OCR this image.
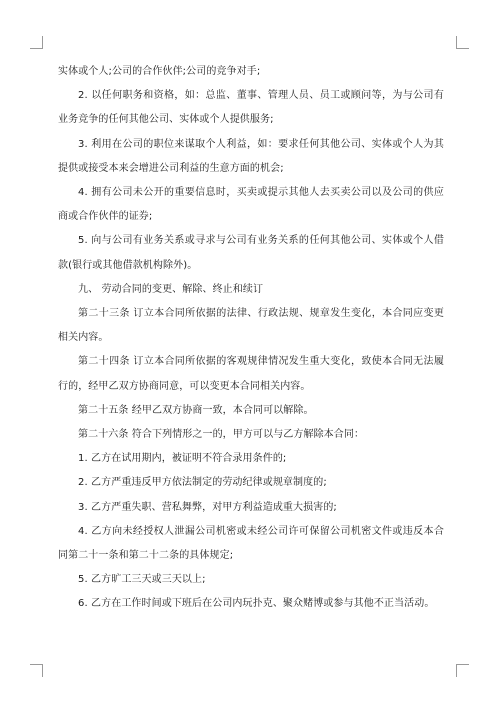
实体或个人;公司的合作伙伴;公司的竞争对手;

2. 以任何职务和资格，如：总监、董事、管理人员、员工或顾问等，为与公司有业务竞争的任何其他公司、实体或个人提供服务;

3. 利用在公司的职位来谋取个人利益，如：要求任何其他公司、实体或个人为其提供或接受本来会增进公司利益的生意方面的机会;

4. 拥有公司未公开的重要信息时，买卖或提示其他人去买卖公司以及公司的供应商或合作伙伴的证券;

5. 向与公司有业务关系或寻求与公司有业务关系的任何其他公司、实体或个人借款(银行或其他借款机构除外)。

九、 劳动合同的变更、解除、终止和续订

第二十三条 订立本合同所依据的法律、行政法规、规章发生变化，本合同应变更相关内容。

第二十四条 订立本合同所依据的客观规律情况发生重大变化，致使本合同无法履行的，经甲乙双方协商同意，可以变更本合同相关内容。

第二十五条 经甲乙双方协商一致，本合同可以解除。

第二十六条 符合下列情形之一的，甲方可以与乙方解除本合同：

1. 乙方在试用期内，被证明不符合录用条件的;

2. 乙方严重违反甲方依法制定的劳动纪律或规章制度的;

3. 乙方严重失职、营私舞弊，对甲方利益造成重大损害的;

4. 乙方向未经授权人泄漏公司机密或未经公司许可保留公司机密文件或违反本合同第二十一条和第二十二条的具体规定;

5. 乙方旷工三天或三天以上;

6. 乙方在工作时间或下班后在公司内玩扑克、聚众赌博或参与其他不正当活动。
